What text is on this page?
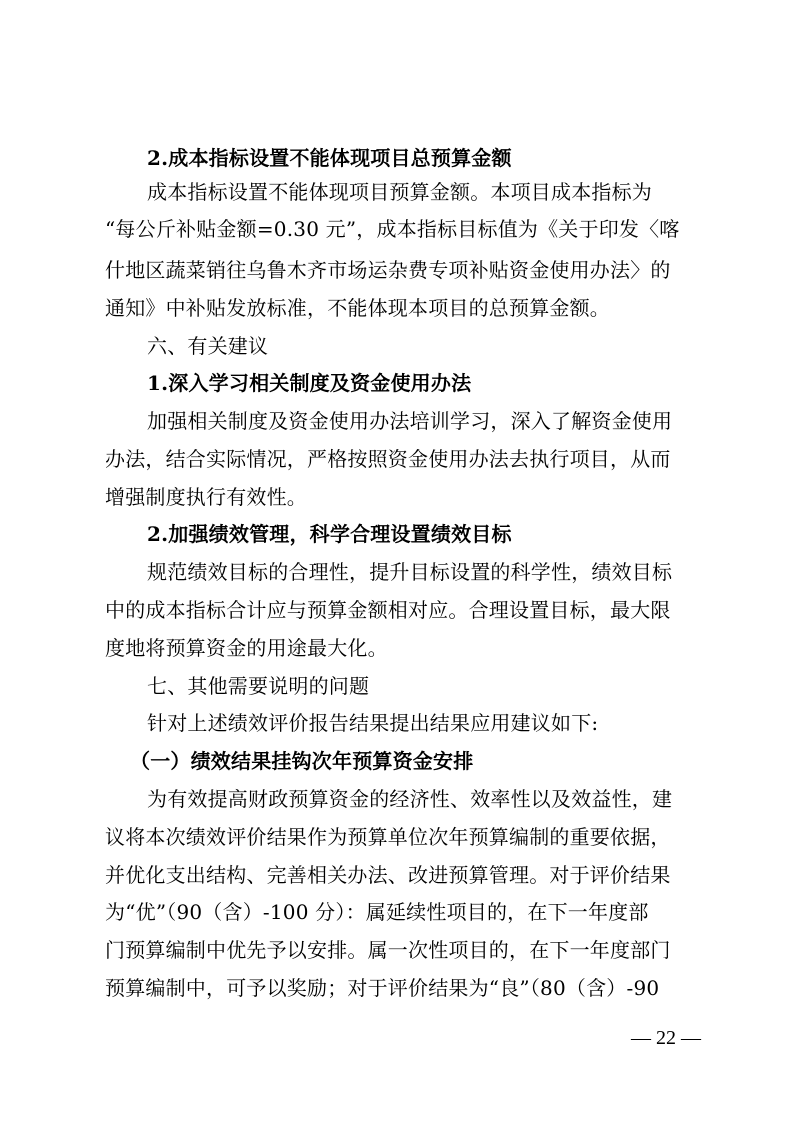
2.成本指标设置不能体现项目总预算金额
成本指标设置不能体现项目预算金额。本项目成本指标为
“每公斤补贴金额=0.30 元”，成本指标目标值为《关于印发〈喀
什地区蔬菜销往乌鲁木齐市场运杂费专项补贴资金使用办法〉的
通知》中补贴发放标准，不能体现本项目的总预算金额。
六、有关建议
1.深入学习相关制度及资金使用办法
加强相关制度及资金使用办法培训学习，深入了解资金使用
办法，结合实际情况，严格按照资金使用办法去执行项目，从而
增强制度执行有效性。
2.加强绩效管理，科学合理设置绩效目标
规范绩效目标的合理性，提升目标设置的科学性，绩效目标
中的成本指标合计应与预算金额相对应。合理设置目标，最大限
度地将预算资金的用途最大化。
七、其他需要说明的问题
针对上述绩效评价报告结果提出结果应用建议如下:
（一）绩效结果挂钩次年预算资金安排
为有效提高财政预算资金的经济性、效率性以及效益性，建
议将本次绩效评价结果作为预算单位次年预算编制的重要依据，
并优化支出结构、完善相关办法、改进预算管理。对于评价结果
为“优”（90（含）-100 分）：属延续性项目的，在下一年度部
门预算编制中优先予以安排。属一次性项目的，在下一年度部门
预算编制中，可予以奖励；对于评价结果为“良”（80（含）-90
— 22 —
